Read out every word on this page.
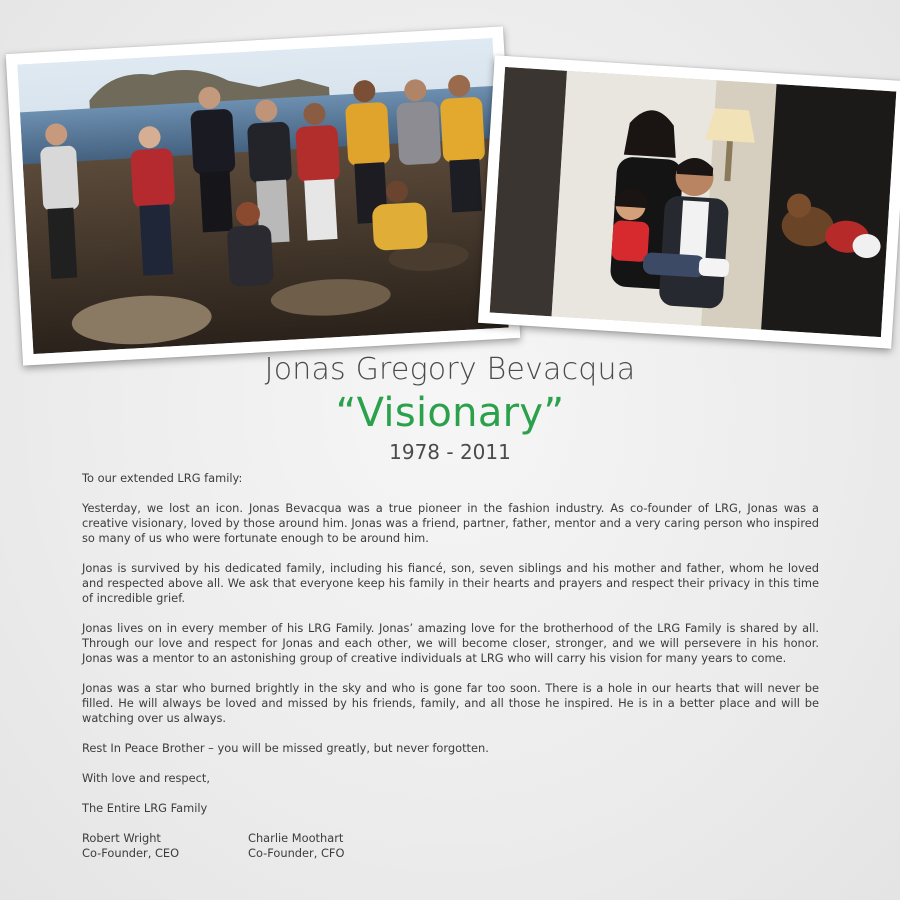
Jonas Gregory Bevacqua
“Visionary”
1978 - 2011

To our extended LRG family:

Yesterday, we lost an icon. Jonas Bevacqua was a true pioneer in the fashion industry. As co-founder of LRG, Jonas was a creative visionary, loved by those around him. Jonas was a friend, partner, father, mentor and a very caring person who inspired so many of us who were fortunate enough to be around him.

Jonas is survived by his dedicated family, including his fiancé, son, seven siblings and his mother and father, whom he loved and respected above all. We ask that everyone keep his family in their hearts and prayers and respect their privacy in this time of incredible grief.

Jonas lives on in every member of his LRG Family. Jonas’ amazing love for the brotherhood of the LRG Family is shared by all. Through our love and respect for Jonas and each other, we will become closer, stronger, and we will persevere in his honor. Jonas was a mentor to an astonishing group of creative individuals at LRG who will carry his vision for many years to come.

Jonas was a star who burned brightly in the sky and who is gone far too soon. There is a hole in our hearts that will never be filled. He will always be loved and missed by his friends, family, and all those he inspired. He is in a better place and will be watching over us always.

Rest In Peace Brother – you will be missed greatly, but never forgotten.

With love and respect,

The Entire LRG Family

Robert Wright
Co-Founder, CEO
Charlie Moothart
Co-Founder, CFO
